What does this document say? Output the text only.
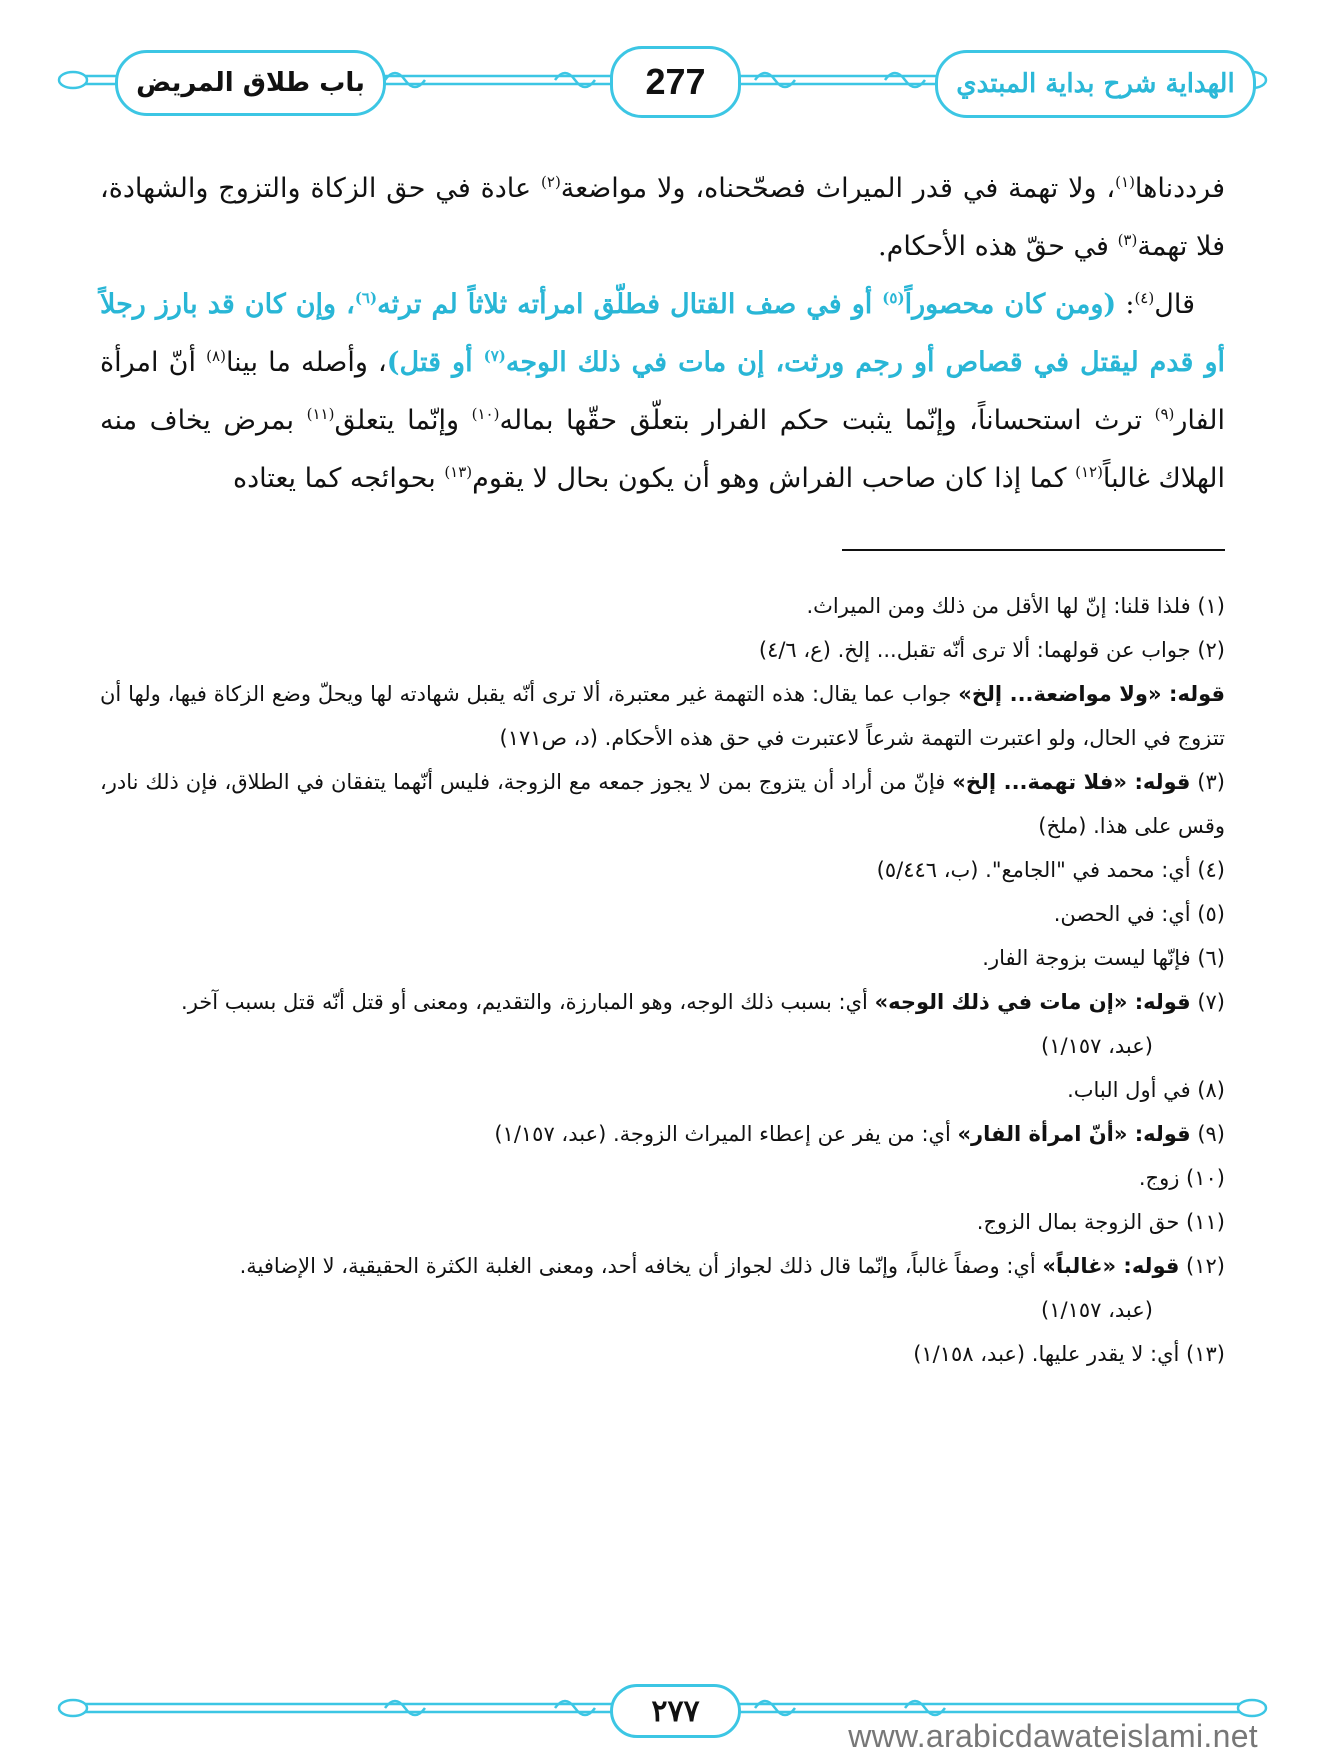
باب طلاق المريض	277	الهداية شرح بداية المبتدي

فرددناها$^{(١)}$، ولا تهمة في قدر الميراث فصحّحناه، ولا مواضعة$^{(٢)}$ عادة في حق الزكاة والتزوج والشهادة، فلا تهمة$^{(٣)}$ في حقّ هذه الأحكام.

قال$^{(٤)}$: (ومن كان محصوراً$^{(٥)}$ أو في صف القتال فطلّق امرأته ثلاثاً لم ترثه$^{(٦)}$، وإن كان قد بارز رجلاً أو قدم ليقتل في قصاص أو رجم ورثت، إن مات في ذلك الوجه$^{(٧)}$ أو قتل)، وأصله ما بينا$^{(٨)}$ أنّ امرأة الفار$^{(٩)}$ ترث استحساناً، وإنّما يثبت حكم الفرار بتعلّق حقّها بماله$^{(١٠)}$ وإنّما يتعلق$^{(١١)}$ بمرض يخاف منه الهلاك غالباً$^{(١٢)}$ كما إذا كان صاحب الفراش وهو أن يكون بحال لا يقوم$^{(١٣)}$ بحوائجه كما يعتاده

(١) فلذا قلنا: إنّ لها الأقل من ذلك ومن الميراث.

(٢) جواب عن قولهما: ألا ترى أنّه تقبل... إلخ. (ع، ٤/٦)

قوله: «ولا مواضعة... إلخ» جواب عما يقال: هذه التهمة غير معتبرة، ألا ترى أنّه يقبل شهادته لها ويحلّ وضع الزكاة فيها، ولها أن تتزوج في الحال، ولو اعتبرت التهمة شرعاً لاعتبرت في حق هذه الأحكام. (د، ص١٧١)

(٣) قوله: «فلا تهمة... إلخ» فإنّ من أراد أن يتزوج بمن لا يجوز جمعه مع الزوجة، فليس أنّهما يتفقان في الطلاق، فإن ذلك نادر، وقس على هذا. (ملخ)

(٤) أي: محمد في "الجامع". (ب، ٥/٤٤٦)

(٥) أي: في الحصن.

(٦) فإنّها ليست بزوجة الفار.

(٧) قوله: «إن مات في ذلك الوجه» أي: بسبب ذلك الوجه، وهو المبارزة، والتقديم، ومعنى أو قتل أنّه قتل بسبب آخر.

(عبد، ١/١٥٧)

(٨) في أول الباب.

(٩) قوله: «أنّ امرأة الفار» أي: من يفر عن إعطاء الميراث الزوجة. (عبد، ١/١٥٧)

(١٠) زوج.

(١١) حق الزوجة بمال الزوج.

(١٢) قوله: «غالباً» أي: وصفاً غالباً، وإنّما قال ذلك لجواز أن يخافه أحد، ومعنى الغلبة الكثرة الحقيقية، لا الإضافية.

(عبد، ١/١٥٧)

(١٣) أي: لا يقدر عليها. (عبد، ١/١٥٨)

٢٧٧
www.arabicdawateislami.net
